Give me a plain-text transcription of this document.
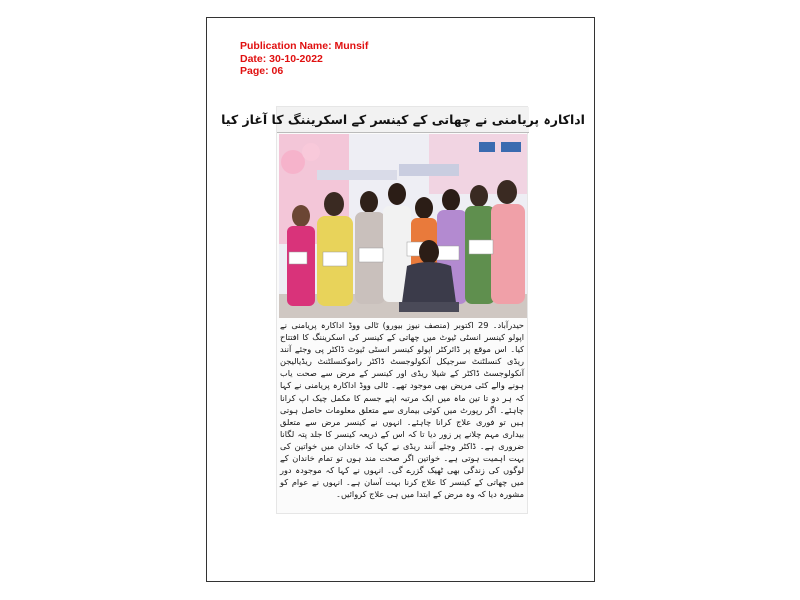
Publication Name: Munsif
Date: 30-10-2022
Page: 06
اداکارہ پریامنی نے چھاتی کے کینسر کے اسکریننگ کا آغاز کیا

حیدرآباد۔ 29 اکتوبر (منصف نیوز بیورو) ٹالی ووڈ اداکارہ پریامنی نے اپولو کینسر انسٹی ٹیوٹ میں چھاتی کے کینسر کی اسکریننگ کا افتتاح کیا۔ اس موقع پر ڈائرکٹر اپولو کینسر انسٹی ٹیوٹ ڈاکٹر پی وجئے آنند ریڈی کنسلٹنٹ سرجیکل آنکولوجسٹ ڈاکٹر راموکنسلٹنٹ ریڈیالیجن آنکولوجسٹ ڈاکٹر کے شیلا ریڈی اور کینسر کے مرض سے صحت یاب ہونے والے کئی مریض بھی موجود تھے۔ ٹالی ووڈ اداکارہ پریامنی نے کہا کہ ہر دو تا تین ماہ میں ایک مرتبہ اپنے جسم کا مکمل چیک اپ کرانا چاہئے۔ اگر رپورٹ میں کوئی بیماری سے متعلق معلومات حاصل ہوتی ہیں تو فوری علاج کرانا چاہئے۔ انہوں نے کینسر مرض سے متعلق بیداری مہم چلانے پر زور دیا تا کہ اس کے ذریعہ کینسر کا جلد پتہ لگانا ضروری ہے۔ ڈاکٹر وجئے آنند ریڈی نے کہا کہ خاندان میں خواتین کی بہت اہمیت ہوتی ہے۔ خواتین اگر صحت مند ہوں تو تمام خاندان کے لوگوں کی زندگی بھی ٹھیک گزرے گی۔ انہوں نے کہا کہ موجودہ دور میں چھاتی کے کینسر کا علاج کرنا بہت آسان ہے۔ انہوں نے عوام کو مشورہ دیا کہ وہ مرض کے ابتدا میں ہی علاج کروائیں۔
